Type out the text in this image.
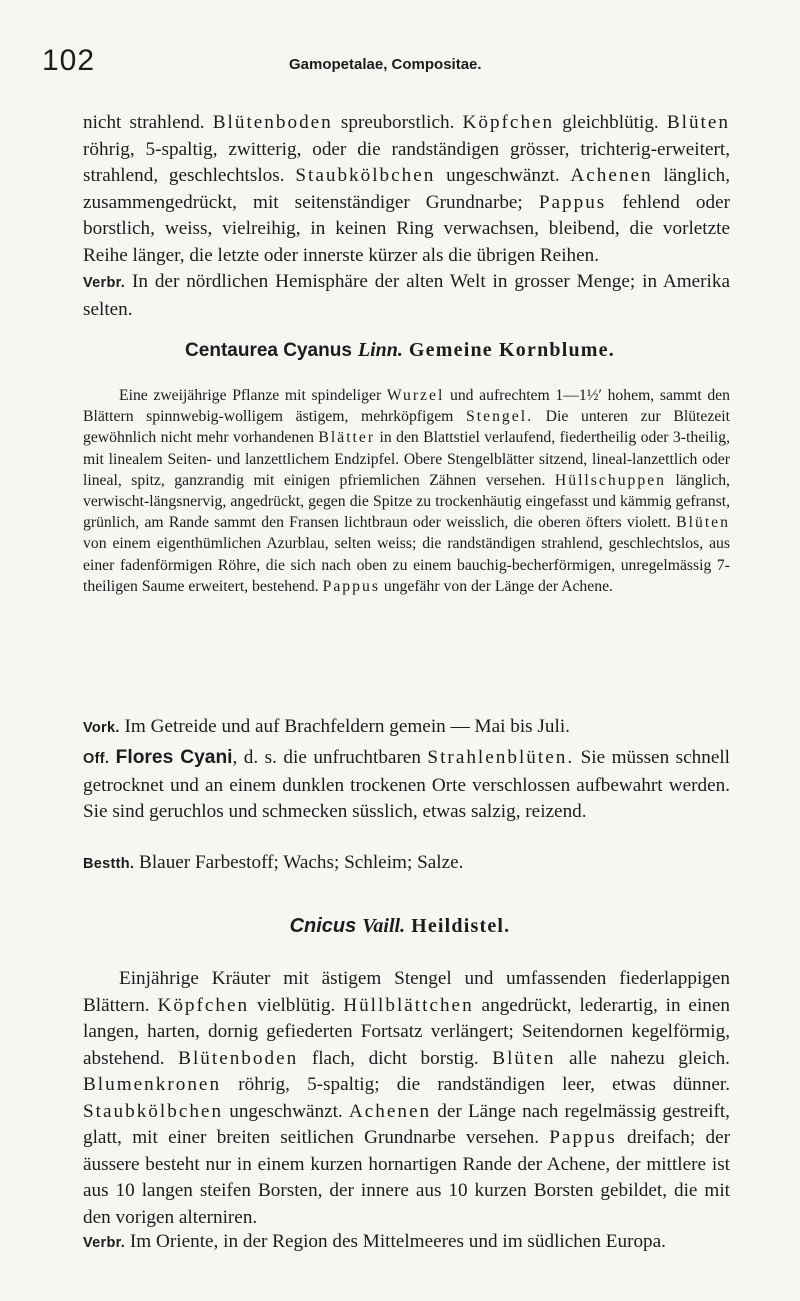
102	Gamopetalae, Compositae.

nicht strahlend. Blütenboden spreuborstlich. Köpfchen gleichblütig. Blüten röhrig, 5-spaltig, zwitterig, oder die randständigen grösser, trichterig-erweitert, strahlend, geschlechtslos. Staubkölbchen ungeschwänzt. Achenen länglich, zusammengedrückt, mit seitenständiger Grundnarbe; Pappus fehlend oder borstlich, weiss, vielreihig, in keinen Ring verwachsen, bleibend, die vorletzte Reihe länger, die letzte oder innerste kürzer als die übrigen Reihen.

Verbr. In der nördlichen Hemisphäre der alten Welt in grosser Menge; in Amerika selten.

Centaurea Cyanus Linn. Gemeine Kornblume.

Eine zweijährige Pflanze mit spindeliger Wurzel und aufrechtem 1—1½′ hohem, sammt den Blättern spinnwebig-wolligem ästigem, mehrköpfigem Stengel. Die unteren zur Blütezeit gewöhnlich nicht mehr vorhandenen Blätter in den Blattstiel verlaufend, fiedertheilig oder 3-theilig, mit linealem Seiten- und lanzettlichem Endzipfel. Obere Stengelblätter sitzend, lineal-lanzettlich oder lineal, spitz, ganzrandig mit einigen pfriemlichen Zähnen versehen. Hüllschuppen länglich, verwischt-längsnervig, angedrückt, gegen die Spitze zu trockenhäutig eingefasst und kämmig gefranst, grünlich, am Rande sammt den Fransen lichtbraun oder weisslich, die oberen öfters violett. Blüten von einem eigenthümlichen Azurblau, selten weiss; die randständigen strahlend, geschlechtslos, aus einer fadenförmigen Röhre, die sich nach oben zu einem bauchig-becherförmigen, unregelmässig 7-theiligen Saume erweitert, bestehend. Pappus ungefähr von der Länge der Achene.

Vork. Im Getreide und auf Brachfeldern gemein — Mai bis Juli.

Off. Flores Cyani, d. s. die unfruchtbaren Strahlenblüten. Sie müssen schnell getrocknet und an einem dunklen trockenen Orte verschlossen aufbewahrt werden. Sie sind geruchlos und schmecken süsslich, etwas salzig, reizend.

Bestth. Blauer Farbestoff; Wachs; Schleim; Salze.

Cnicus Vaill. Heildistel.

Einjährige Kräuter mit ästigem Stengel und umfassenden fiederlappigen Blättern. Köpfchen vielblütig. Hüllblättchen angedrückt, lederartig, in einen langen, harten, dornig gefiederten Fortsatz verlängert; Seitendornen kegelförmig, abstehend. Blütenboden flach, dicht borstig. Blüten alle nahezu gleich. Blumenkronen röhrig, 5-spaltig; die randständigen leer, etwas dünner. Staubkölbchen ungeschwänzt. Achenen der Länge nach regelmässig gestreift, glatt, mit einer breiten seitlichen Grundnarbe versehen. Pappus dreifach; der äussere besteht nur in einem kurzen hornartigen Rande der Achene, der mittlere ist aus 10 langen steifen Borsten, der innere aus 10 kurzen Borsten gebildet, die mit den vorigen alterniren.

Verbr. Im Oriente, in der Region des Mittelmeeres und im südlichen Europa.
